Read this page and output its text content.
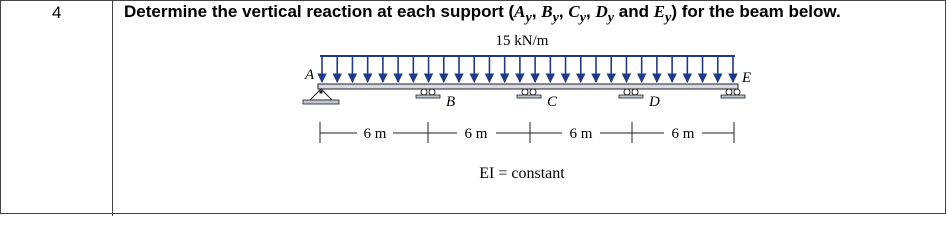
4	Determine the vertical reaction at each support ($A_y$, $B_y$, $C_y$, $D_y$ and $E_y$) for the beam below.
15 kN/m
A
B	C	D
E
6 m	6 m	6 m	6 m
EI = constant
